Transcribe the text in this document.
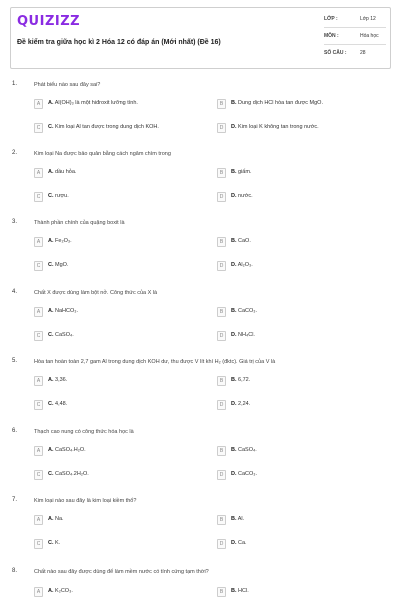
QUIZIZZ
Đề kiểm tra giữa học kì 2 Hóa 12 có đáp án (Mới nhất) (Đề 16)
LỚP :	Lớp 12
MÔN :	Hóa học
SỐ CÂU :	28
1.	Phát biểu nào sau đây sai?
A	A. Al(OH)₃ là một hiđroxit lưỡng tính.	B	B. Dung dịch HCl hòa tan được MgO.
C	C. Kim loại Al tan được trong dung dịch KOH.	D	D. Kim loại K không tan trong nước.
2.	Kim loại Na được bảo quản bằng cách ngâm chìm trong
A	A. dầu hỏa.	B	B. giấm.
C	C. rượu.	D	D. nước.
3.	Thành phần chính của quặng boxit là
A	A. Fe₂O₃.	B	B. CaO.
C	C. MgO.	D	D. Al₂O₃.
4.	Chất X được dùng làm bột nở. Công thức của X là
A	A. NaHCO₃.	B	B. CaCO₃.
C	C. CaSO₄.	D	D. NH₄Cl.
5.	Hòa tan hoàn toàn 2,7 gam Al trong dung dịch KOH dư, thu được V lít khí H₂ (đktc). Giá trị của V là
A	A. 3,36.	B	B. 6,72.
C	C. 4,48.	D	D. 2,24.
6.	Thạch cao nung có công thức hóa học là
A	A. CaSO₄.H₂O.	B	B. CaSO₄.
C	C. CaSO₄.2H₂O.	D	D. CaCO₃.
7.	Kim loại nào sau đây là kim loại kiềm thổ?
A	A. Na.	B	B. Al.
C	C. K.	D	D. Ca.
8.	Chất nào sau đây được dùng để làm mềm nước có tính cứng tạm thời?
A	A. K₂CO₃.	B	B. HCl.
